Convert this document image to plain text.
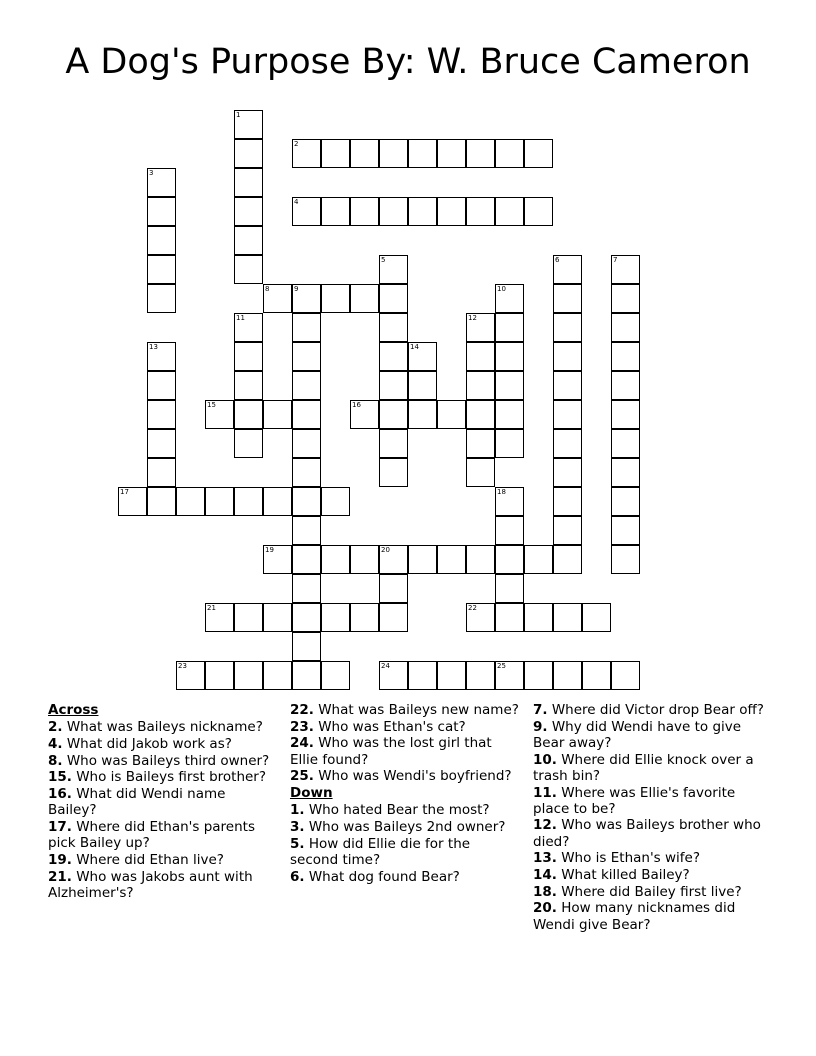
A Dog's Purpose By: W. Bruce Cameron
1
2
3
4
5	6	7
8	9	10
11	12
13	14
15	16
17	18
19	20
21	22
23	24	25
Across
2. What was Baileys nickname?
4. What did Jakob work as?
8. Who was Baileys third owner?
15. Who is Baileys first brother?
16. What did Wendi name Bailey?
17. Where did Ethan's parents pick Bailey up?
19. Where did Ethan live?
21. Who was Jakobs aunt with Alzheimer's?
22. What was Baileys new name?
23. Who was Ethan's cat?
24. Who was the lost girl that Ellie found?
25. Who was Wendi's boyfriend?
Down
1. Who hated Bear the most?
3. Who was Baileys 2nd owner?
5. How did Ellie die for the second time?
6. What dog found Bear?
7. Where did Victor drop Bear off?
9. Why did Wendi have to give Bear away?
10. Where did Ellie knock over a trash bin?
11. Where was Ellie's favorite place to be?
12. Who was Baileys brother who died?
13. Who is Ethan's wife?
14. What killed Bailey?
18. Where did Bailey first live?
20. How many nicknames did Wendi give Bear?
